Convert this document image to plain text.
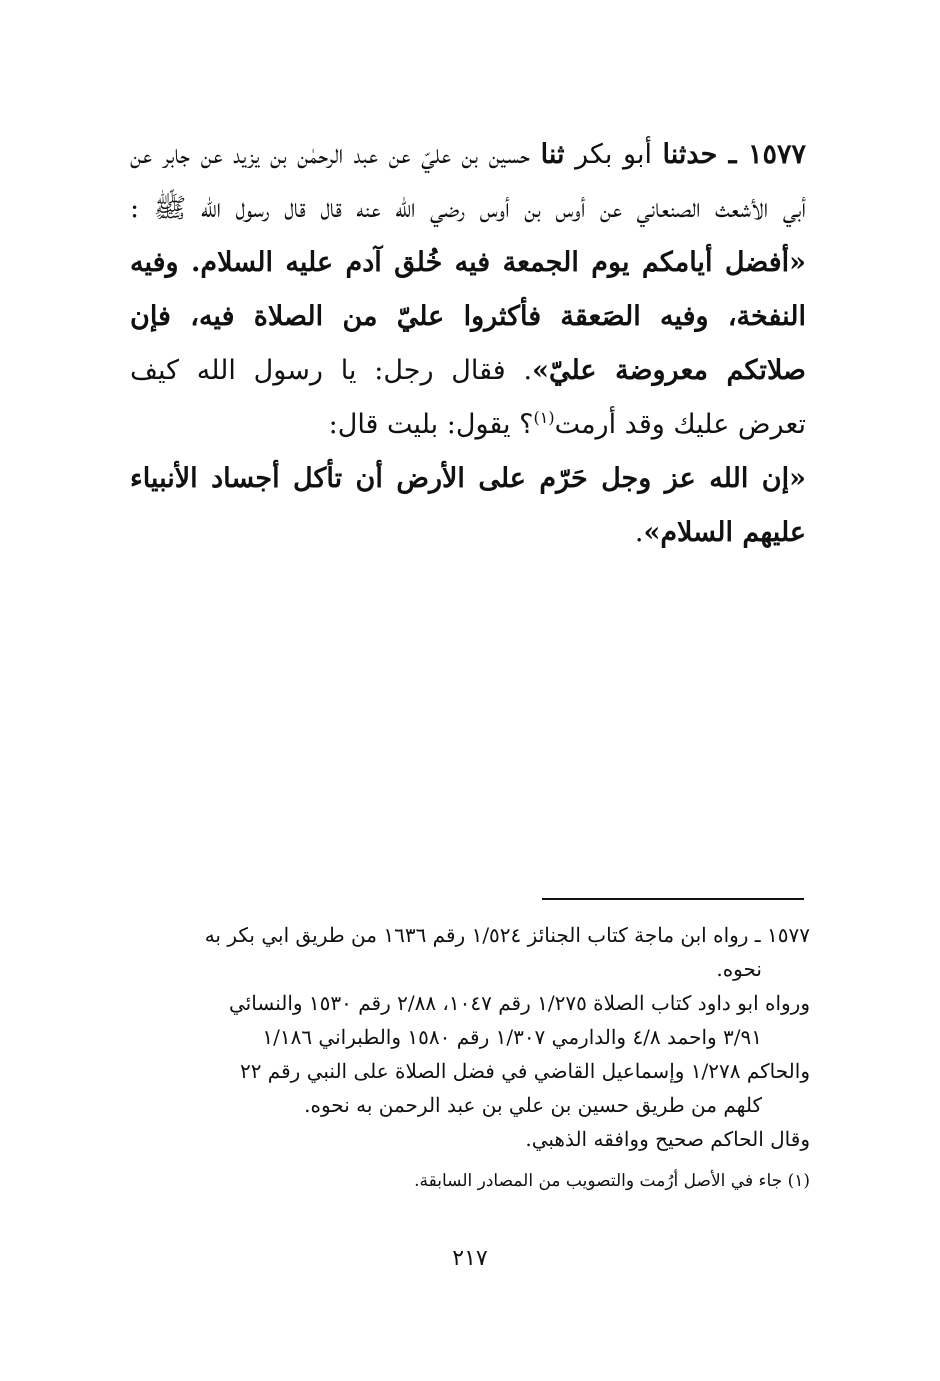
١٥٧٧ ـ حدثنا أبو بكر ثنا حسين بن عليّ عن عبد الرحمٰن بن يزيد عن جابر عن أبي الأشعث الصنعاني عن أوس بن أوس رضي الله عنه قال قال رسول الله ﷺ : «أفضل أيامكم يوم الجمعة فيه خُلق آدم عليه السلام. وفيه النفخة، وفيه الصَعقة فأكثروا عليّ من الصلاة فيه، فإن صلاتكم معروضة عليّ». فقال رجل: يا رسول الله كيف تعرض عليك وقد أرمت$^{(١)}$؟ يقول: بليت قال:

«إن الله عز وجل حَرّم على الأرض أن تأكل أجساد الأنبياء عليهم السلام».

١٥٧٧ ـ رواه ابن ماجة كتاب الجنائز ١/٥٢٤ رقم ١٦٣٦ من طريق ابي بكر به

نحوه.

ورواه ابو داود كتاب الصلاة ١/٢٧٥ رقم ١٠٤٧، ٢/٨٨ رقم ١٥٣٠ والنسائي

٣/٩١ واحمد ٤/٨ والدارمي ١/٣٠٧ رقم ١٥٨٠ والطبراني ١/١٨٦

والحاكم ١/٢٧٨ وإسماعيل القاضي في فضل الصلاة على النبي رقم ٢٢

كلهم من طريق حسين بن علي بن عبد الرحمن به نحوه.

وقال الحاكم صحيح ووافقه الذهبي.

(١) جاء في الأصل أرُمت والتصويب من المصادر السابقة.

٢١٧
